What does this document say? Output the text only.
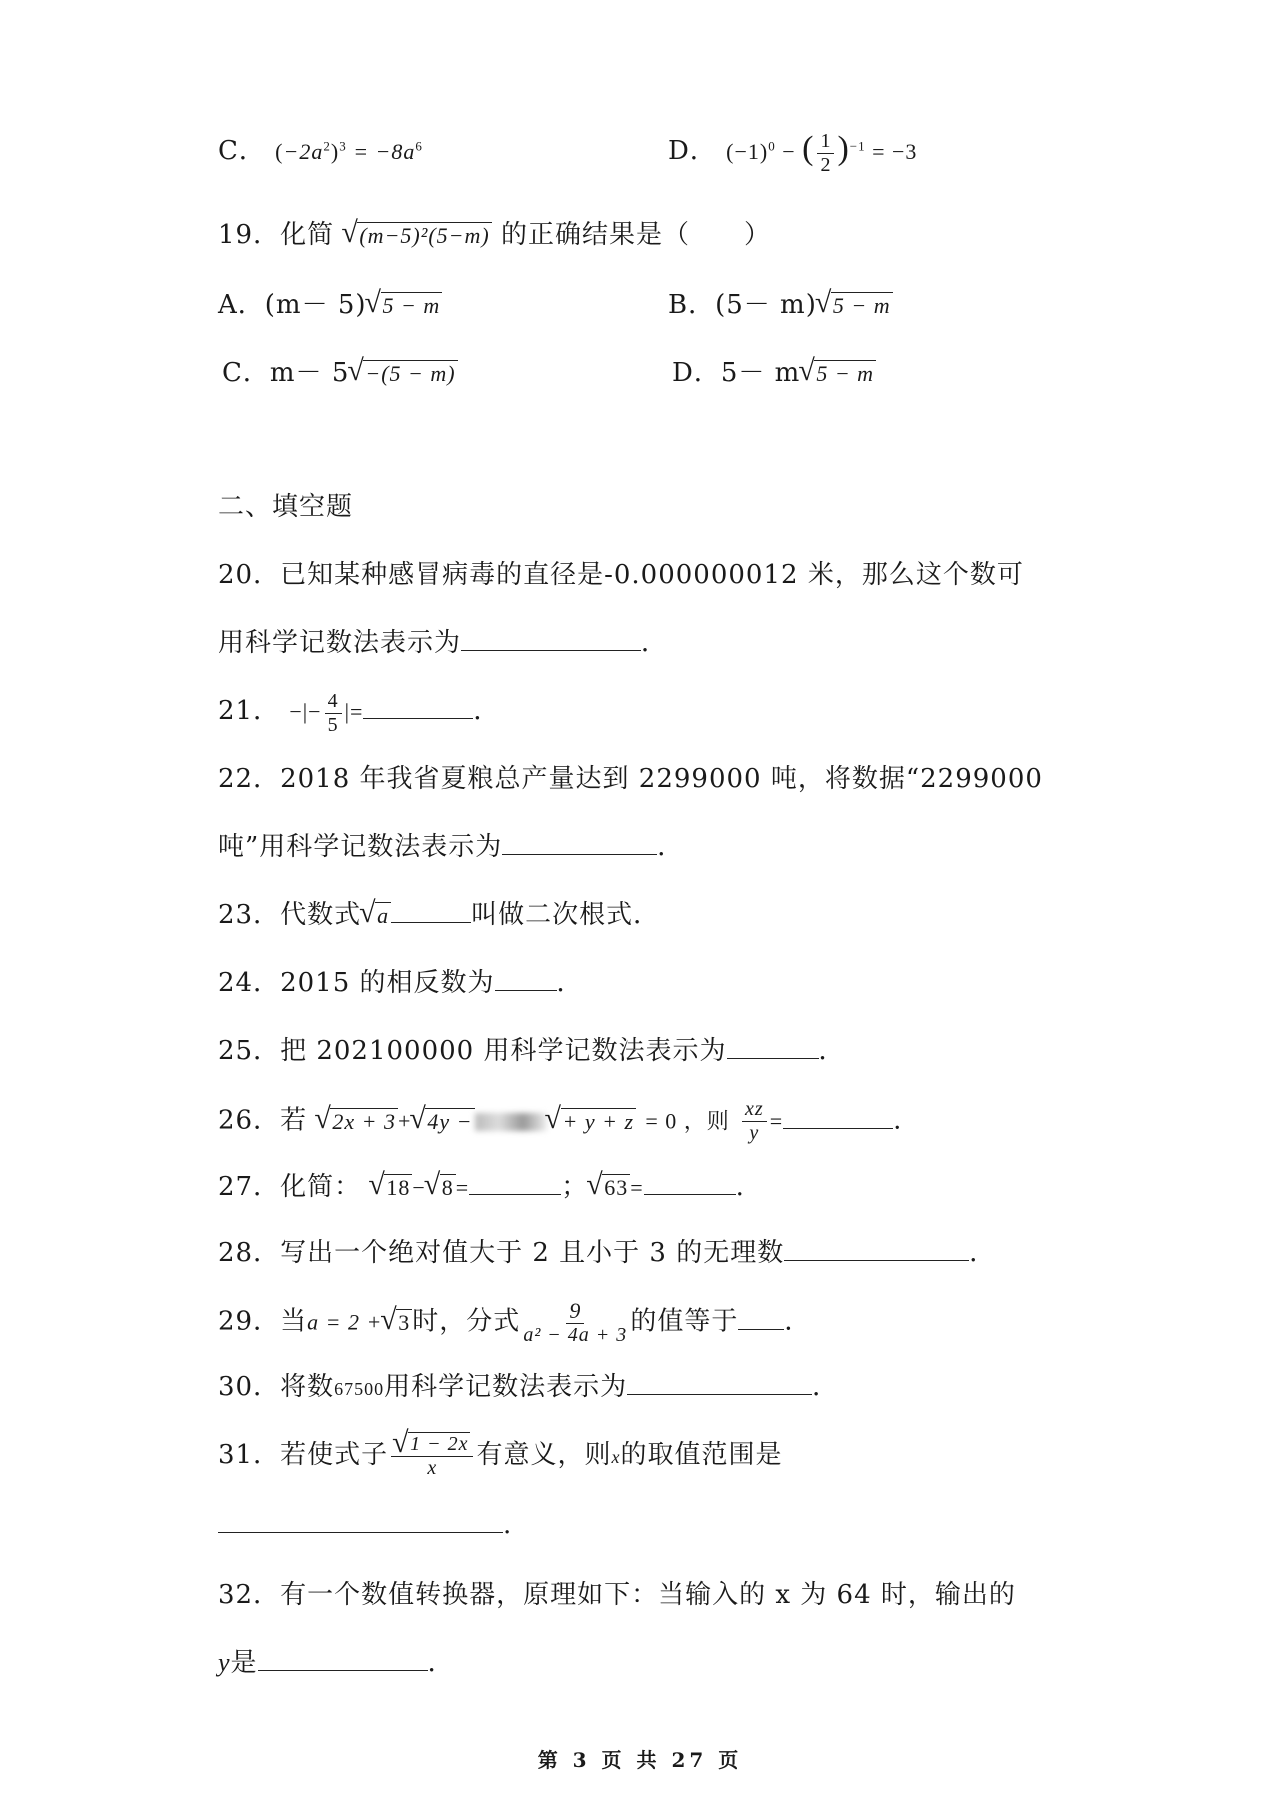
C． $(-2a^2)^3 = -8a^6$	D． $(-1)^0$ − ( $\frac{1}{2} )^{-1} = -3$
19．化简 √ (m−5)²(5−m) 的正确结果是（　　）
A．(m－ 5) √ 5 − m	B．(5－ m) √ 5 − m
C．m－ 5 √ −(5 − m)	D．5－ m √ 5 − m
二、填空题
20．已知某种感冒病毒的直径是-0.000000012 米，那么这个数可
用科学记数法表示为	．
21． −|− $\frac{4}{5}$ |=	．
22．2018 年我省夏粮总产量达到 2299000 吨，将数据“2299000
吨”用科学记数法表示为	．
23．代数式 √ a	叫做二次根式．
24．2015 的相反数为 ．
25．把 202100000 用科学记数法表示为	．
26．若 √ 2x + 3+ √ 4y −	√ + y + z = 0 ，则 $\frac{xz}{y}$ =	.
27．化简： √ 18− √ 8=	； √ 63=	.
28．写出一个绝对值大于 2 且小于 3 的无理数	．
29．当a = 2 + √ 3时，分式 $\frac{9}{\text{a² − 4a + 3}}$ 的值等于 ．
30．将数67500用科学记数法表示为	．
31．若使式子 √ $\frac{1 - 2x}{x}$ 有意义，则x的取值范围是
.
32．有一个数值转换器，原理如下：当输入的 x 为 64 时，输出的
y是	．
第 3 页 共 27 页
